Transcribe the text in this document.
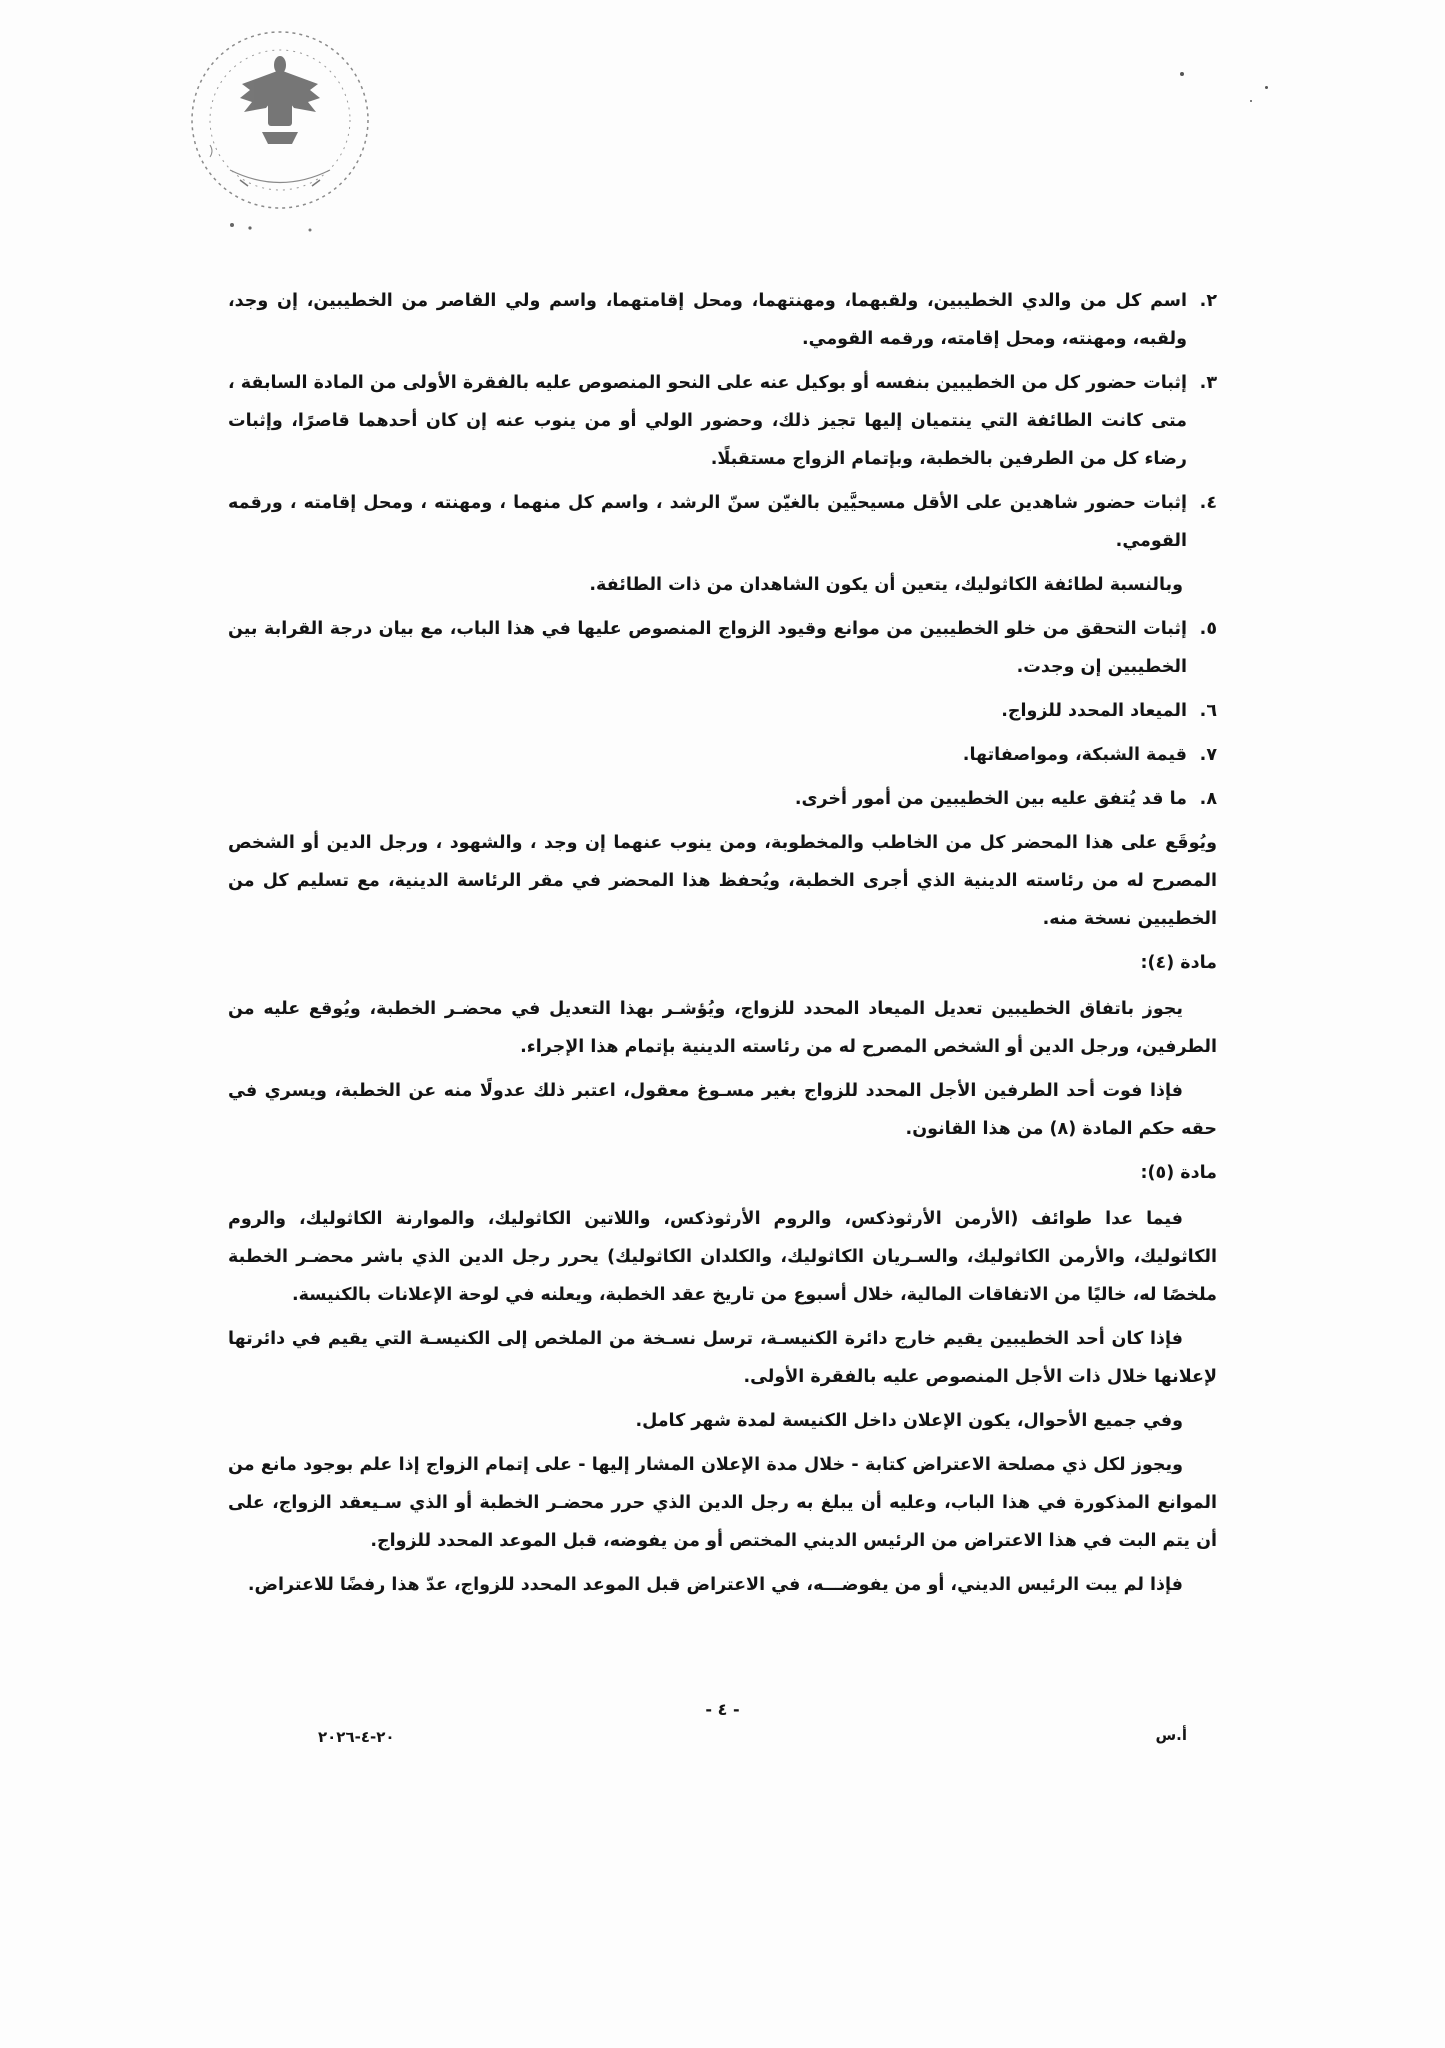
٢.
اسم كل من والدي الخطيبين، ولقبهما، ومهنتهما، ومحل إقامتهما، واسم ولي القاصر من الخطيبين، إن وجد، ولقبه، ومهنته، ومحل إقامته، ورقمه القومي.
٣.
إثبات حضور كل من الخطيبين بنفسه أو بوكيل عنه على النحو المنصوص عليه بالفقرة الأولى من المادة السابقة ، متى كانت الطائفة التي ينتميان إليها تجيز ذلك، وحضور الولي أو من ينوب عنه إن كان أحدهما قاصرًا، وإثبات رضاء كل من الطرفين بالخطبة، وبإتمام الزواج مستقبلًا.
٤.
إثبات حضور شاهدين على الأقل مسيحيَّين بالغيّن سنّ الرشد ، واسم كل منهما ، ومهنته ، ومحل إقامته ، ورقمه القومي.
وبالنسبة لطائفة الكاثوليك، يتعين أن يكون الشاهدان من ذات الطائفة.
٥.
إثبات التحقق من خلو الخطيبين من موانع وقيود الزواج المنصوص عليها في هذا الباب، مع بيان درجة القرابة بين الخطيبين إن وجدت.
٦.
الميعاد المحدد للزواج.
٧.
قيمة الشبكة، ومواصفاتها.
٨.
ما قد يُتفق عليه بين الخطيبين من أمور أخرى.
ويُوقَع على هذا المحضر كل من الخاطب والمخطوبة، ومن ينوب عنهما إن وجد ، والشهود ، ورجل الدين أو الشخص المصرح له من رئاسته الدينية الذي أجرى الخطبة، ويُحفظ هذا المحضر في مقر الرئاسة الدينية، مع تسليم كل من الخطيبين نسخة منه.
مادة (٤):
يجوز باتفاق الخطيبين تعديل الميعاد المحدد للزواج، ويُؤشـر بهذا التعديل في محضـر الخطبة، ويُوقع عليه من الطرفين، ورجل الدين أو الشخص المصرح له من رئاسته الدينية بإتمام هذا الإجراء.
فإذا فوت أحد الطرفين الأجل المحدد للزواج بغير مسـوغ معقول، اعتبر ذلك عدولًا منه عن الخطبة، ويسري في حقه حكم المادة (٨) من هذا القانون.
مادة (٥):
فيما عدا طوائف (الأرمن الأرثوذكس، والروم الأرثوذكس، واللاتين الكاثوليك، والموارنة الكاثوليك، والروم الكاثوليك، والأرمن الكاثوليك، والسـريان الكاثوليك، والكلدان الكاثوليك) يحرر رجل الدين الذي باشر محضـر الخطبة ملخصًا له، خاليًا من الاتفاقات المالية، خلال أسبوع من تاريخ عقد الخطبة، ويعلنه في لوحة الإعلانات بالكنيسة.
فإذا كان أحد الخطيبين يقيم خارج دائرة الكنيسـة، ترسل نسـخة من الملخص إلى الكنيسـة التي يقيم في دائرتها لإعلانها خلال ذات الأجل المنصوص عليه بالفقرة الأولى.
وفي جميع الأحوال، يكون الإعلان داخل الكنيسة لمدة شهر كامل.
ويجوز لكل ذي مصلحة الاعتراض كتابة - خلال مدة الإعلان المشار إليها - على إتمام الزواج إذا علم بوجود مانع من الموانع المذكورة في هذا الباب، وعليه أن يبلغ به رجل الدين الذي حرر محضـر الخطبة أو الذي سـيعقد الزواج، على أن يتم البت في هذا الاعتراض من الرئيس الديني المختص أو من يفوضه، قبل الموعد المحدد للزواج.
فإذا لم يبت الرئيس الديني، أو من يفوضـــه، في الاعتراض قبل الموعد المحدد للزواج، عدّ هذا رفضًا للاعتراض.
- ٤ -
٢٠-٤-٢٠٢٦	أ.س
